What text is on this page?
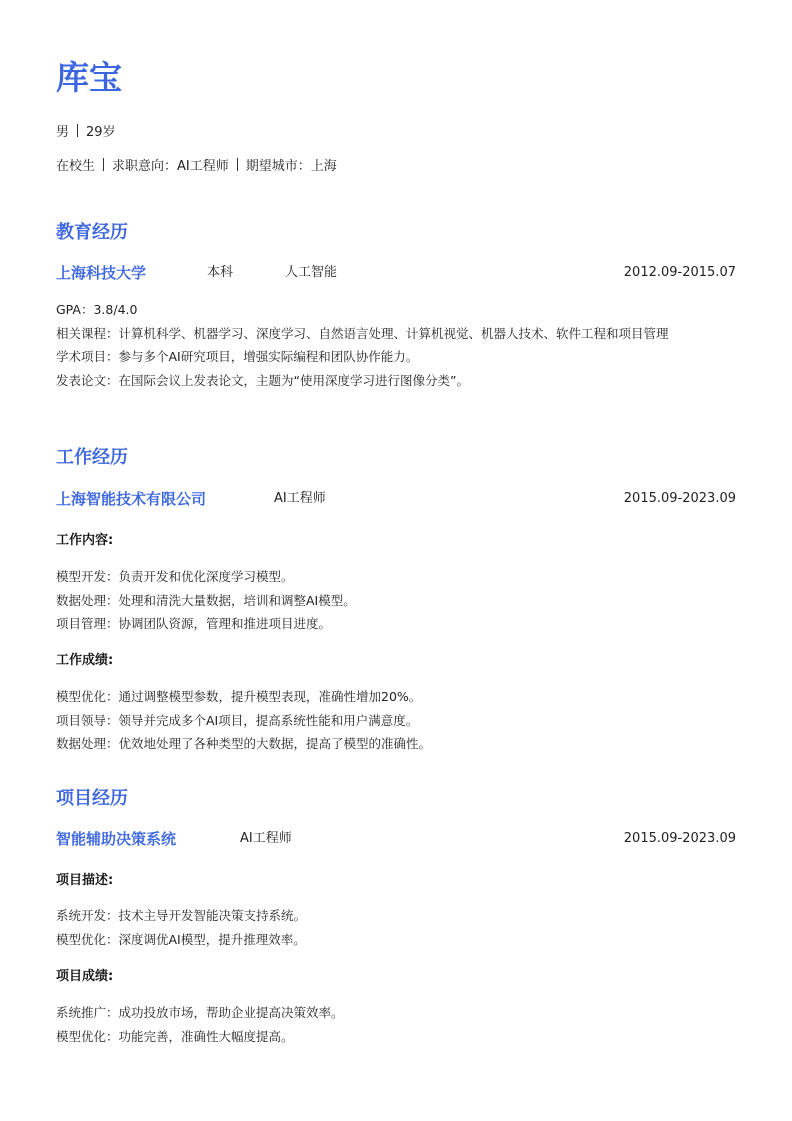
库宝
男 29岁
在校生 求职意向：AI工程师 期望城市：上海
教育经历
上海科技大学	本科	人工智能	2012.09-2015.07
GPA：3.8/4.0
相关课程：计算机科学、机器学习、深度学习、自然语言处理、计算机视觉、机器人技术、软件工程和项目管理
学术项目：参与多个AI研究项目，增强实际编程和团队协作能力。
发表论文：在国际会议上发表论文，主题为“使用深度学习进行图像分类”。
工作经历
上海智能技术有限公司	AI工程师	2015.09-2023.09
工作内容:
模型开发：负责开发和优化深度学习模型。
数据处理：处理和清洗大量数据，培训和调整AI模型。
项目管理：协调团队资源，管理和推进项目进度。
工作成绩:
模型优化：通过调整模型参数，提升模型表现，准确性增加20%。
项目领导：领导并完成多个AI项目，提高系统性能和用户满意度。
数据处理：优效地处理了各种类型的大数据，提高了模型的准确性。
项目经历
智能辅助决策系统	AI工程师	2015.09-2023.09
项目描述:
系统开发：技术主导开发智能决策支持系统。
模型优化：深度调优AI模型，提升推理效率。
项目成绩:
系统推广：成功投放市场，帮助企业提高决策效率。
模型优化：功能完善，准确性大幅度提高。
